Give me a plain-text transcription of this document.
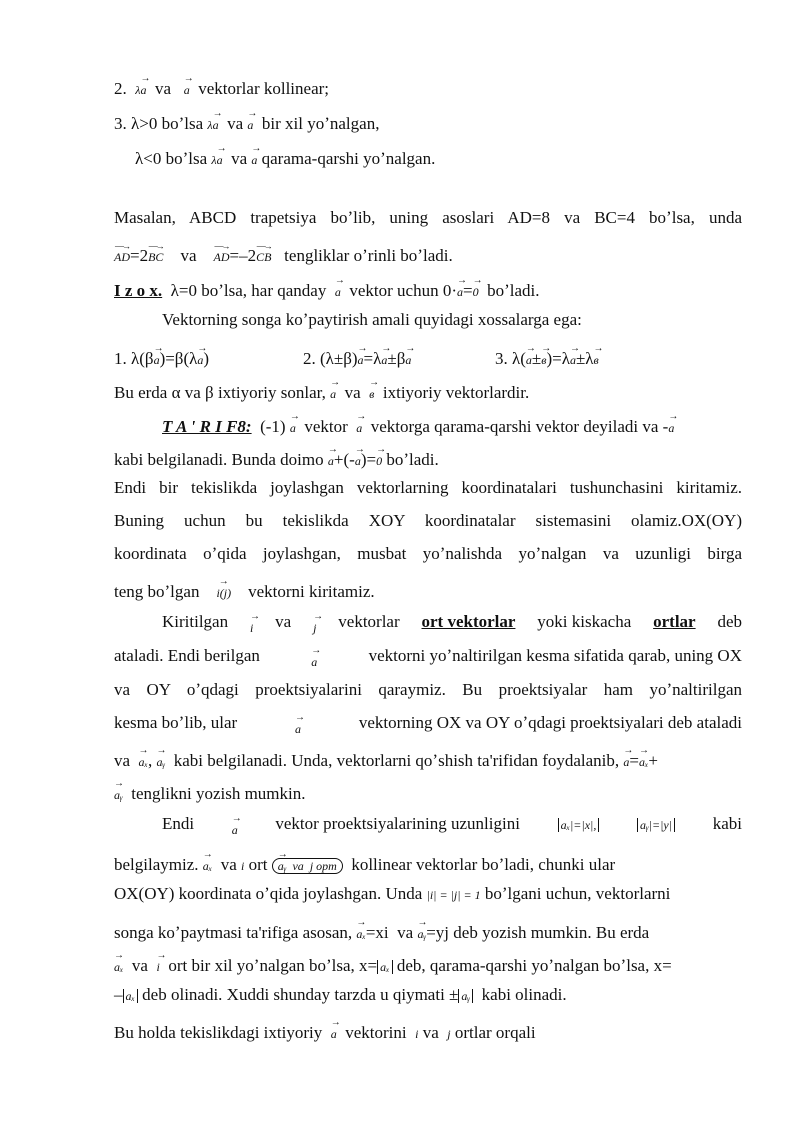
2. λ→ a va → a vektorlar kollinear;
3. λ>0 boʼlsa λ→ a va → a bir xil yoʼnalgan,
λ<0 boʼlsa λ→ a va → a qarama-qarshi yoʼnalgan.
Masalan, ABCD trapetsiya boʼlib, uning asoslari AD=8 va BC=4 boʼlsa, unda
—→ AD=2—→ BC va —→ AD=–2—→ CB tengliklar oʼrinli boʼladi.
I z o x. λ=0 boʼlsa, har qanday → a vektor uchun 0·→ a=→ 0 boʼladi.
Vektorning songa koʼpaytirish amali quyidagi xossalarga ega:
1. λ(β→ a)=β(λ→ a)	2. (λ±β)→ a=λ→ a±β→ a	3. λ(→ a±→ в)=λ→ a±λ→ в
Bu erda α va β ixtiyoriy sonlar, → a va → в ixtiyoriy vektorlardir.
T A ' R I F8: (-1) → a vektor → a vektorga qarama-qarshi vektor deyiladi va -→ a
kabi belgilanadi. Bunda doimo → a+(-→ a)=→ 0 boʼladi.
Endi bir tekislikda joylashgan vektorlarning koordinatalari tushunchasini kiritamiz.
Buning uchun bu tekislikda XOY koordinatalar sistemasini olamiz.OX(OY)
koordinata oʼqida joylashgan, musbat yoʼnalishda yoʼnalgan va uzunligi birga
teng boʼlgan → i(j) vektorni kiritamiz.
Kiritilgan → i va → j vektorlar ort vektorlar yoki kiskacha ortlar deb
ataladi. Endi berilgan	→ a	vektorni yoʼnaltirilgan kesma sifatida qarab, uning OX
va OY oʼqdagi proektsiyalarini qaraymiz. Bu proektsiyalar ham yoʼnaltirilgan
kesma boʼlib, ular	→ a	vektorning OX va OY oʼqdagi proektsiyalari deb ataladi
va → aₓ, → aᵧ kabi belgilanadi. Unda, vektorlarni qoʼshish ta'rifidan foydalanib, → a=→ aₓ+
→ aᵧ tenglikni yozish mumkin.
Endi	→ a vektor proektsiyalarining uzunligini	aₓ|=|x|,	aᵧ|=|y| kabi
belgilaymiz. → aₓ va i ort → aᵧ va j opт kollinear vektorlar boʼladi, chunki ular
OX(OY) koordinata oʼqida joylashgan. Unda |i| = |j| = 1 boʼlgani uchun, vektorlarni
songa koʼpaytmasi ta'rifiga asosan, → aₓ=xi va → aᵧ=yj deb yozish mumkin. Bu erda
→ aₓ va → i ort bir xil yoʼnalgan boʼlsa, x= aₓ deb, qarama-qarshi yoʼnalgan boʼlsa, x=
– aₓ deb olinadi. Xuddi shunday tarzda u qiymati ± aᵧ kabi olinadi.
Bu holda tekislikdagi ixtiyoriy → a vektorini i va j ortlar orqali
